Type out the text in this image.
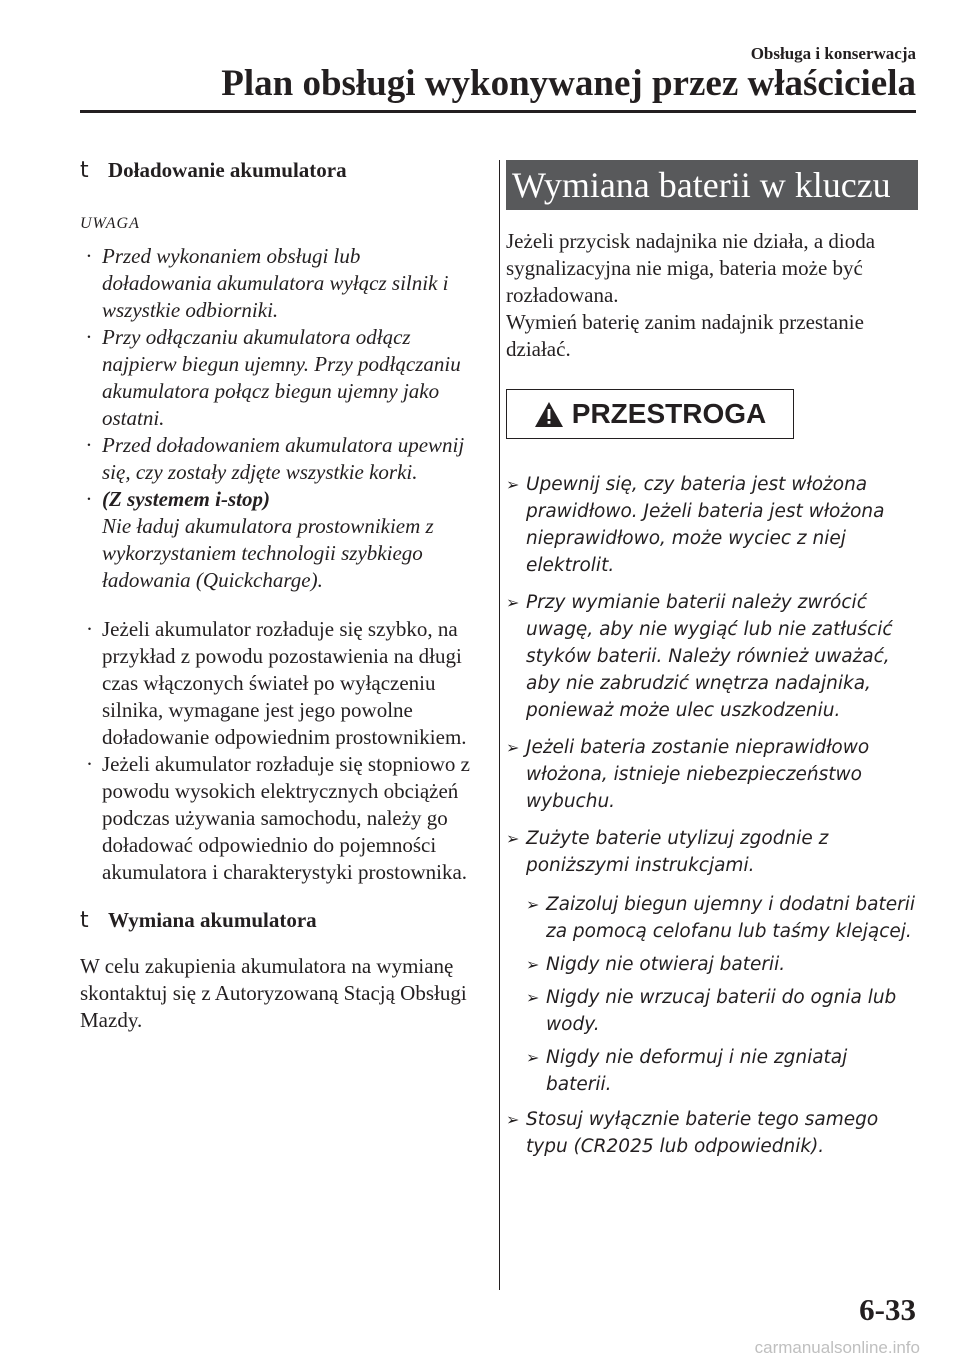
Obsługa i konserwacja
Plan obsługi wykonywanej przez właściciela
t Doładowanie akumulatora
UWAGA
· Przed wykonaniem obsługi lub doładowania akumulatora wyłącz silnik i wszystkie odbiorniki.
· Przy odłączaniu akumulatora odłącz najpierw biegun ujemny. Przy podłączaniu akumulatora połącz biegun ujemny jako ostatni.
· Przed doładowaniem akumulatora upewnij się, czy zostały zdjęte wszystkie korki.
· (Z systemem i-stop)
Nie ładuj akumulatora prostownikiem z wykorzystaniem technologii szybkiego ładowania (Quickcharge).
· Jeżeli akumulator rozładuje się szybko, na przykład z powodu pozostawienia na długi czas włączonych świateł po wyłączeniu silnika, wymagane jest jego powolne doładowanie odpowiednim prostownikiem.
· Jeżeli akumulator rozładuje się stopniowo z powodu wysokich elektrycznych obciążeń podczas używania samochodu, należy go doładować odpowiednio do pojemności akumulatora i charakterystyki prostownika.
t Wymiana akumulatora

W celu zakupienia akumulatora na wymianę skontaktuj się z Autoryzowaną Stacją Obsługi Mazdy.

Wymiana baterii w kluczu

Jeżeli przycisk nadajnika nie działa, a dioda sygnalizacyjna nie miga, bateria może być rozładowana.

Wymień baterię zanim nadajnik przestanie działać.

PRZESTROGA
➢ Upewnij się, czy bateria jest włożona prawidłowo. Jeżeli bateria jest włożona nieprawidłowo, może wyciec z niej elektrolit.
➢ Przy wymianie baterii należy zwrócić uwagę, aby nie wygiąć lub nie zatłuścić styków baterii. Należy również uważać, aby nie zabrudzić wnętrza nadajnika, ponieważ może ulec uszkodzeniu.
➢ Jeżeli bateria zostanie nieprawidłowo włożona, istnieje niebezpieczeństwo wybuchu.
➢ Zużyte baterie utylizuj zgodnie z poniższymi instrukcjami.
➢ Zaizoluj biegun ujemny i dodatni baterii za pomocą celofanu lub taśmy klejącej.
➢ Nigdy nie otwieraj baterii.
➢ Nigdy nie wrzucaj baterii do ognia lub wody.
➢ Nigdy nie deformuj i nie zgniataj baterii.
➢ Stosuj wyłącznie baterie tego samego typu (CR2025 lub odpowiednik).
6-33
carmanualsonline.info
